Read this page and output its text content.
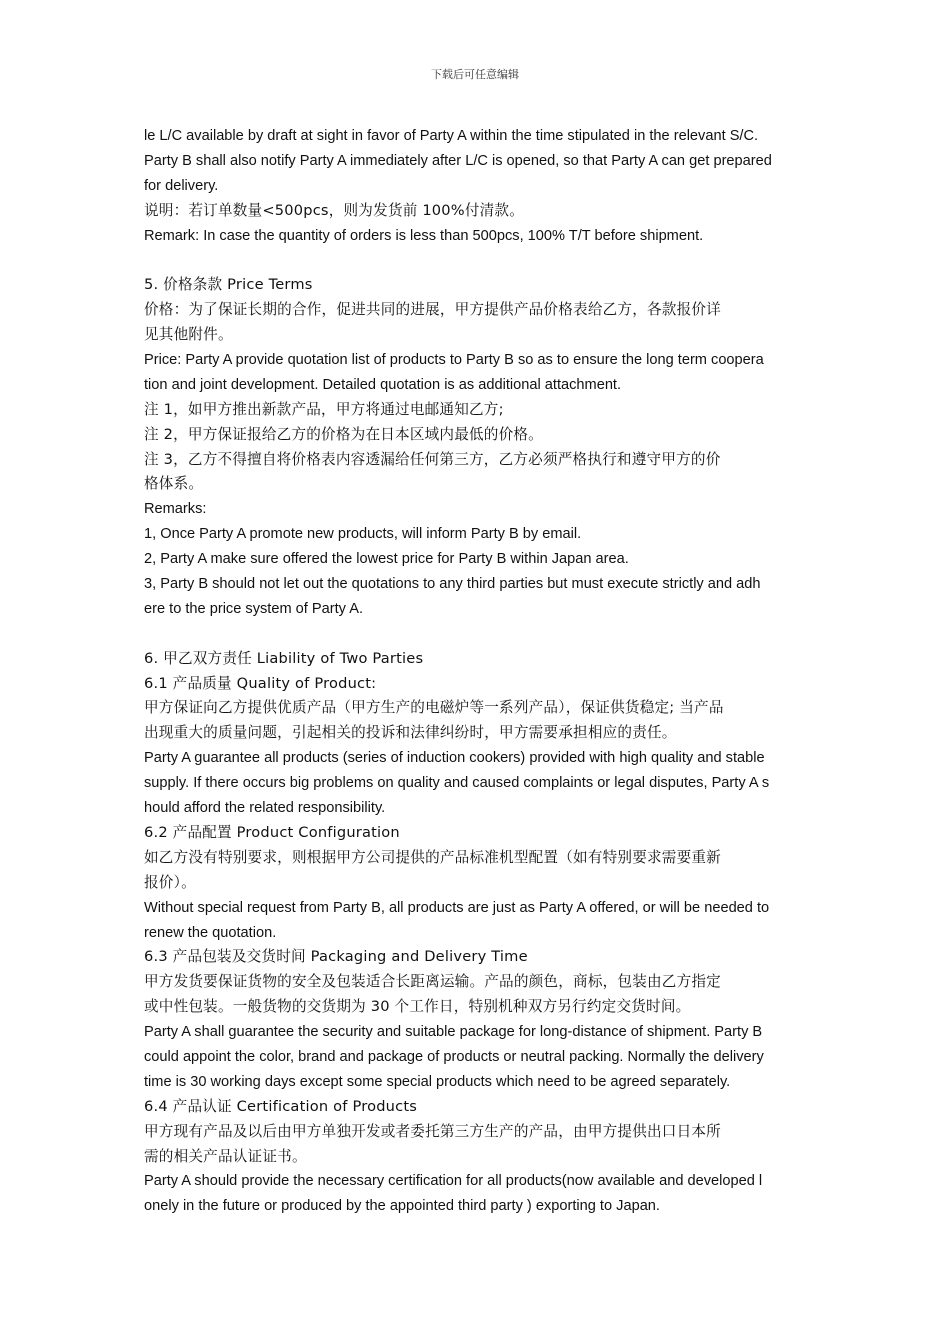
下载后可任意编辑
le L/C available by draft at sight in favor of Party A within the time stipulated in the relevant S/C.
Party B shall also notify Party A immediately after L/C is opened, so that Party A can get prepared
for delivery.
说明：若订单数量<500pcs，则为发货前 100%付清款。
Remark: In case the quantity of orders is less than 500pcs, 100% T/T before shipment.
5. 价格条款 Price Terms
价格：为了保证长期的合作，促进共同的进展，甲方提供产品价格表给乙方，各款报价详
见其他附件。
Price: Party A provide quotation list of products to Party B so as to ensure the long term coopera
tion and joint development. Detailed quotation is as additional attachment.
注 1，如甲方推出新款产品，甲方将通过电邮通知乙方;
注 2，甲方保证报给乙方的价格为在日本区域内最低的价格。
注 3，乙方不得擅自将价格表内容透漏给任何第三方，乙方必须严格执行和遵守甲方的价
格体系。
Remarks:
1, Once Party A promote new products, will inform Party B by email.
2, Party A make sure offered the lowest price for Party B within Japan area.
3, Party B should not let out the quotations to any third parties but must execute strictly and adh
ere to the price system of Party A.
6. 甲乙双方责任 Liability of Two Parties
6.1 产品质量 Quality of Product:
甲方保证向乙方提供优质产品（甲方生产的电磁炉等一系列产品），保证供货稳定; 当产品
出现重大的质量问题，引起相关的投诉和法律纠纷时，甲方需要承担相应的责任。
Party A guarantee all products (series of induction cookers) provided with high quality and stable
supply. If there occurs big problems on quality and caused complaints or legal disputes, Party A s
hould afford the related responsibility.
6.2 产品配置 Product Configuration
如乙方没有特别要求，则根据甲方公司提供的产品标准机型配置（如有特别要求需要重新
报价）。
Without special request from Party B, all products are just as Party A offered, or will be needed to
renew the quotation.
6.3 产品包装及交货时间 Packaging and Delivery Time
甲方发货要保证货物的安全及包装适合长距离运输。产品的颜色，商标，包装由乙方指定
或中性包装。一般货物的交货期为 30 个工作日，特别机种双方另行约定交货时间。
Party A shall guarantee the security and suitable package for long-distance of shipment. Party B
could appoint the color, brand and package of products or neutral packing. Normally the delivery
time is 30 working days except some special products which need to be agreed separately.
6.4 产品认证 Certification of Products
甲方现有产品及以后由甲方单独开发或者委托第三方生产的产品，由甲方提供出口日本所
需的相关产品认证证书。
Party A should provide the necessary certification for all products(now available and developed l
onely in the future or produced by the appointed third party ) exporting to Japan.
